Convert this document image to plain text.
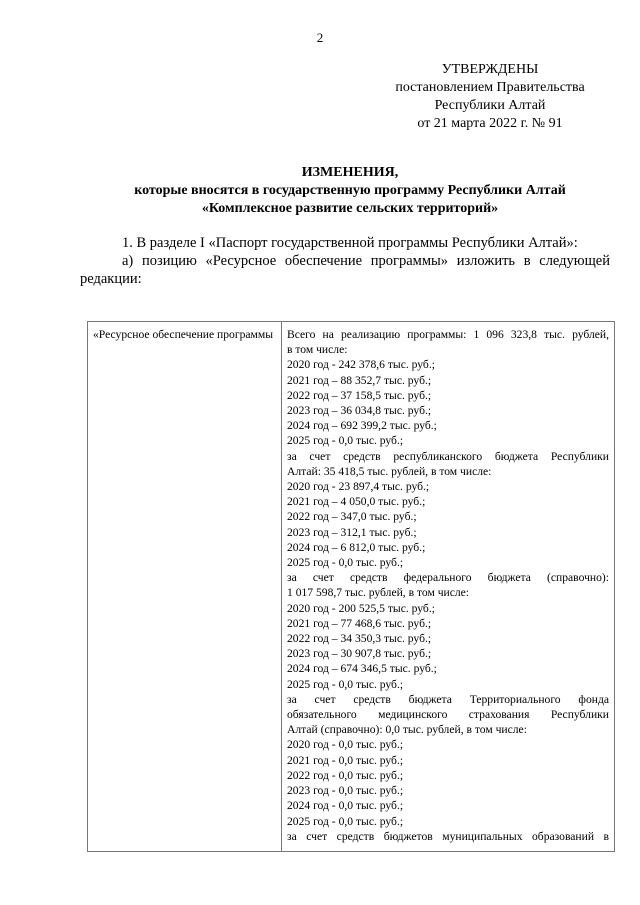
2
УТВЕРЖДЕНЫ
постановлением Правительства
Республики Алтай
от 21 марта 2022 г. № 91
ИЗМЕНЕНИЯ,
которые вносятся в государственную программу Республики Алтай
«Комплексное развитие сельских территорий»

1. В разделе I «Паспорт государственной программы Республики Алтай»:

а) позицию «Ресурсное обеспечение программы» изложить в следующей редакции:

«Ресурсное обеспечение программы	Всего на реализацию программы: 1 096 323,8 тыс. рублей,
в том числе:
2020 год - 242 378,6 тыс. руб.;
2021 год – 88 352,7 тыс. руб.;
2022 год – 37 158,5 тыс. руб.;
2023 год – 36 034,8 тыс. руб.;
2024 год – 692 399,2 тыс. руб.;
2025 год - 0,0 тыс. руб.;
за счет средств республиканского бюджета Республики
Алтай: 35 418,5 тыс. рублей, в том числе:
2020 год - 23 897,4 тыс. руб.;
2021 год – 4 050,0 тыс. руб.;
2022 год – 347,0 тыс. руб.;
2023 год – 312,1 тыс. руб.;
2024 год – 6 812,0 тыс. руб.;
2025 год - 0,0 тыс. руб.;
за счет средств федерального бюджета (справочно):
1 017 598,7 тыс. рублей, в том числе:
2020 год - 200 525,5 тыс. руб.;
2021 год – 77 468,6 тыс. руб.;
2022 год – 34 350,3 тыс. руб.;
2023 год – 30 907,8 тыс. руб.;
2024 год – 674 346,5 тыс. руб.;
2025 год - 0,0 тыс. руб.;
за счет средств бюджета Территориального фонда
обязательного медицинского страхования Республики
Алтай (справочно): 0,0 тыс. рублей, в том числе:
2020 год - 0,0 тыс. руб.;
2021 год - 0,0 тыс. руб.;
2022 год - 0,0 тыс. руб.;
2023 год - 0,0 тыс. руб.;
2024 год - 0,0 тыс. руб.;
2025 год - 0,0 тыс. руб.;
за счет средств бюджетов муниципальных образований в
